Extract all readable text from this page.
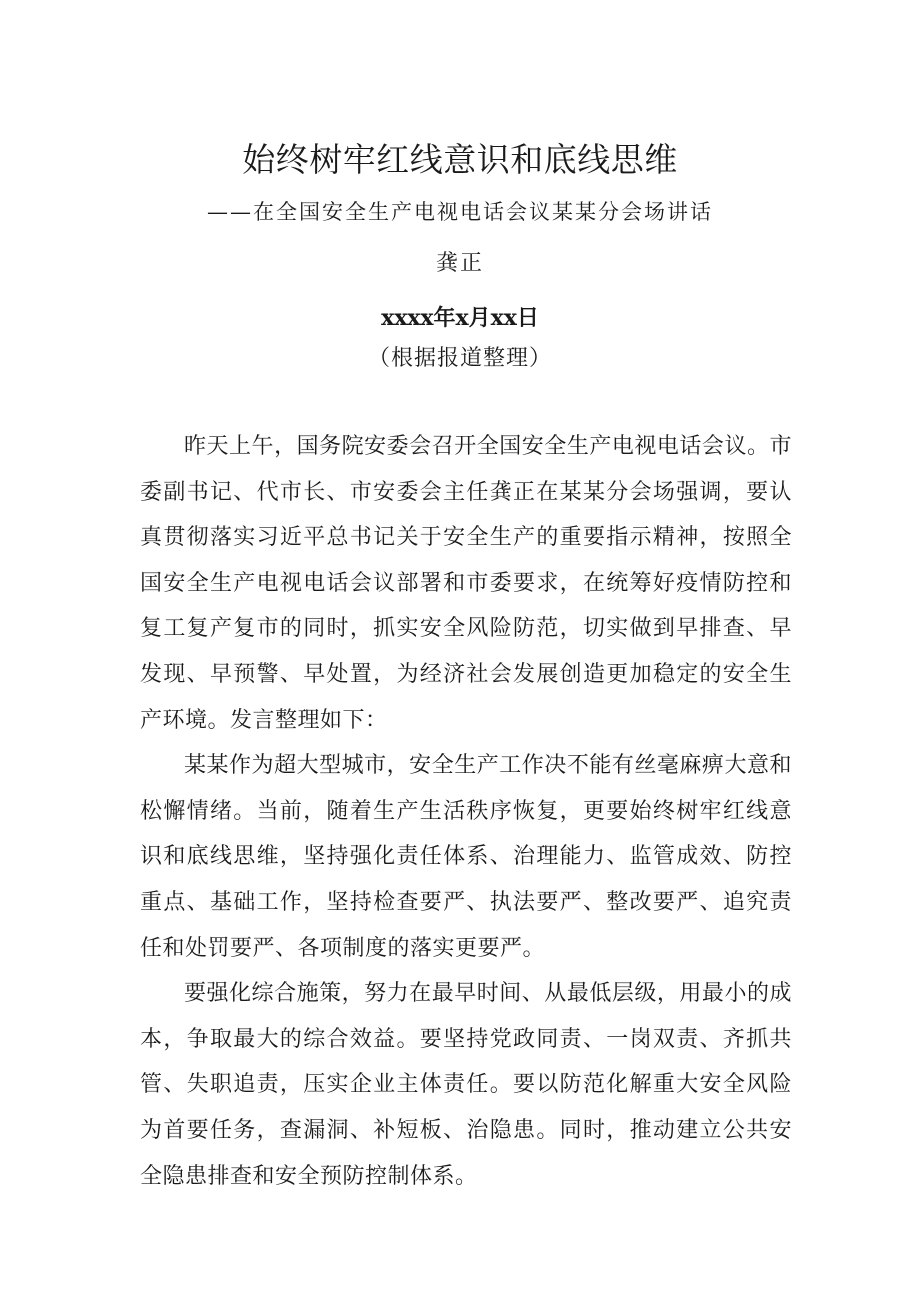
始终树牢红线意识和底线思维
——在全国安全生产电视电话会议某某分会场讲话
龚正
xxxx年x月xx日
（根据报道整理）

昨天上午，国务院安委会召开全国安全生产电视电话会议。市委副书记、代市长、市安委会主任龚正在某某分会场强调，要认真贯彻落实习近平总书记关于安全生产的重要指示精神，按照全国安全生产电视电话会议部署和市委要求，在统筹好疫情防控和复工复产复市的同时，抓实安全风险防范，切实做到早排查、早发现、早预警、早处置，为经济社会发展创造更加稳定的安全生产环境。发言整理如下：

某某作为超大型城市，安全生产工作决不能有丝毫麻痹大意和松懈情绪。当前，随着生产生活秩序恢复，更要始终树牢红线意识和底线思维，坚持强化责任体系、治理能力、监管成效、防控重点、基础工作，坚持检查要严、执法要严、整改要严、追究责任和处罚要严、各项制度的落实更要严。

要强化综合施策，努力在最早时间、从最低层级，用最小的成本，争取最大的综合效益。要坚持党政同责、一岗双责、齐抓共管、失职追责，压实企业主体责任。要以防范化解重大安全风险为首要任务，查漏洞、补短板、治隐患。同时，推动建立公共安全隐患排查和安全预防控制体系。
